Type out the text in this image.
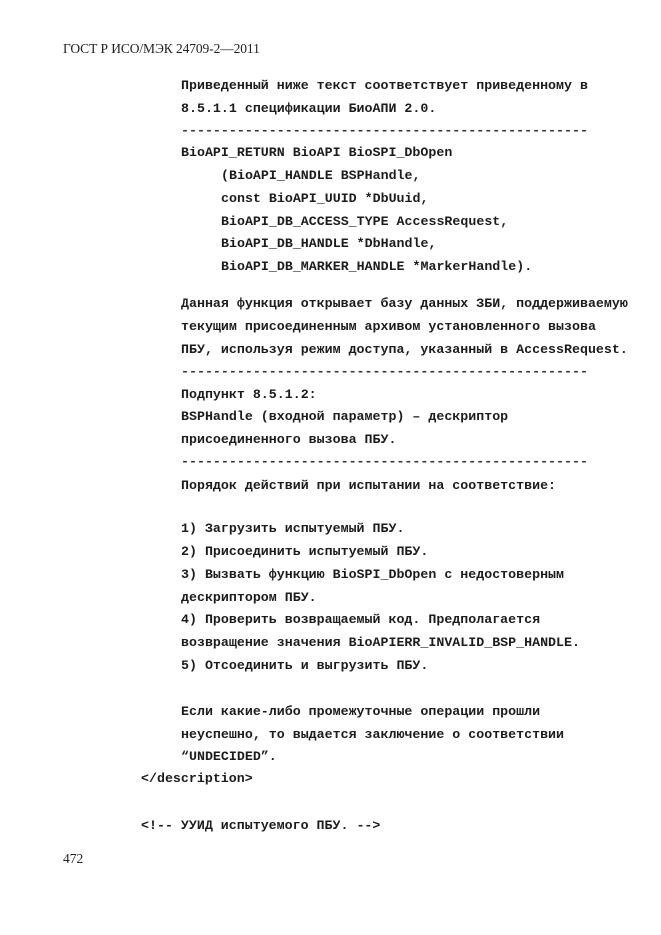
ГОСТ Р ИСО/МЭК 24709-2—2011
Приведенный ниже текст соответствует приведенному в
8.5.1.1 спецификации БиоАПИ 2.0.
---------------------------------------------------
BioAPI_RETURN BioAPI BioSPI_DbOpen
(BioAPI_HANDLE BSPHandle,
const BioAPI_UUID *DbUuid,
BioAPI_DB_ACCESS_TYPE AccessRequest,
BioAPI_DB_HANDLE *DbHandle,
BioAPI_DB_MARKER_HANDLE *MarkerHandle).
Данная функция открывает базу данных ЗБИ, поддерживаемую
текущим присоединенным архивом установленного вызова
ПБУ, используя режим доступа, указанный в AccessRequest.
---------------------------------------------------
Подпункт 8.5.1.2:
BSPHandle (входной параметр) – дескриптор
присоединенного вызова ПБУ.
---------------------------------------------------
Порядок действий при испытании на соответствие:
1) Загрузить испытуемый ПБУ.
2) Присоединить испытуемый ПБУ.
3) Вызвать функцию BioSPI_DbOpen с недостоверным
дескриптором ПБУ.
4) Проверить возвращаемый код. Предполагается
возвращение значения BioAPIERR_INVALID_BSP_HANDLE.
5) Отсоединить и выгрузить ПБУ.
Если какие-либо промежуточные операции прошли
неуспешно, то выдается заключение о соответствии
“UNDECIDED”.
</description>
<!-- УУИД испытуемого ПБУ. -->
472
